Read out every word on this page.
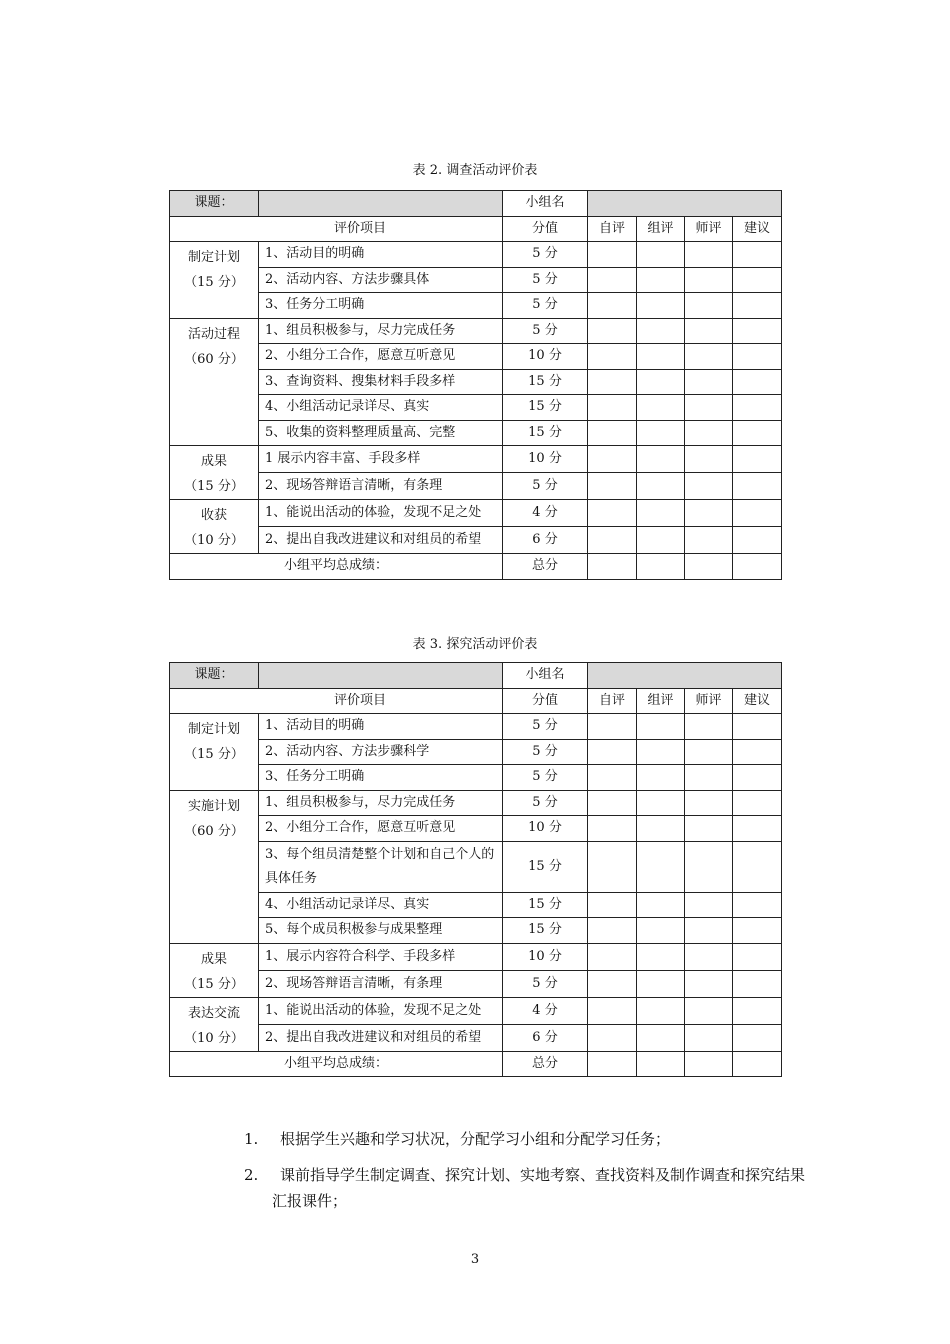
表 2. 调查活动评价表
课题：		小组名				
评价项目		分值	自评	组评	师评	建议

制定计划
（15 分）	1、活动目的明确	5 分				
	2、活动内容、方法步骤具体	5 分				
	3、任务分工明确	5 分				

活动过程
（60 分）	1、组员积极参与，尽力完成任务	5 分				
	2、小组分工合作，愿意互听意见	10 分				
	3、查询资料、搜集材料手段多样	15 分				
	4、小组活动记录详尽、真实	15 分				
	5、收集的资料整理质量高、完整	15 分				

成果
（15 分）	1 展示内容丰富、手段多样	10 分				
	2、现场答辩语言清晰，有条理	5 分				

收获
（10 分）	1、能说出活动的体验，发现不足之处	4 分				
	2、提出自我改进建议和对组员的希望	6 分				
小组平均总成绩：		总分				
表 3. 探究活动评价表
课题：		小组名				
评价项目		分值	自评	组评	师评	建议

制定计划
（15 分）	1、活动目的明确	5 分				
	2、活动内容、方法步骤科学	5 分				
	3、任务分工明确	5 分				

实施计划
（60 分）	1、组员积极参与，尽力完成任务	5 分				
	2、小组分工合作，愿意互听意见	10 分				
	3、每个组员清楚整个计划和自己个人的具体任务	15 分				
	4、小组活动记录详尽、真实	15 分				
	5、每个成员积极参与成果整理	15 分				

成果
（15 分）	1、展示内容符合科学、手段多样	10 分				
	2、现场答辩语言清晰，有条理	5 分				

表达交流
（10 分）	1、能说出活动的体验，发现不足之处	4 分				
	2、提出自我改进建议和对组员的希望	6 分				
小组平均总成绩：		总分				
1. 根据学生兴趣和学习状况，分配学习小组和分配学习任务；
2.	课前指导学生制定调查、探究计划、实地考察、查找资料及制作调查和探究结果汇报课件；
3
